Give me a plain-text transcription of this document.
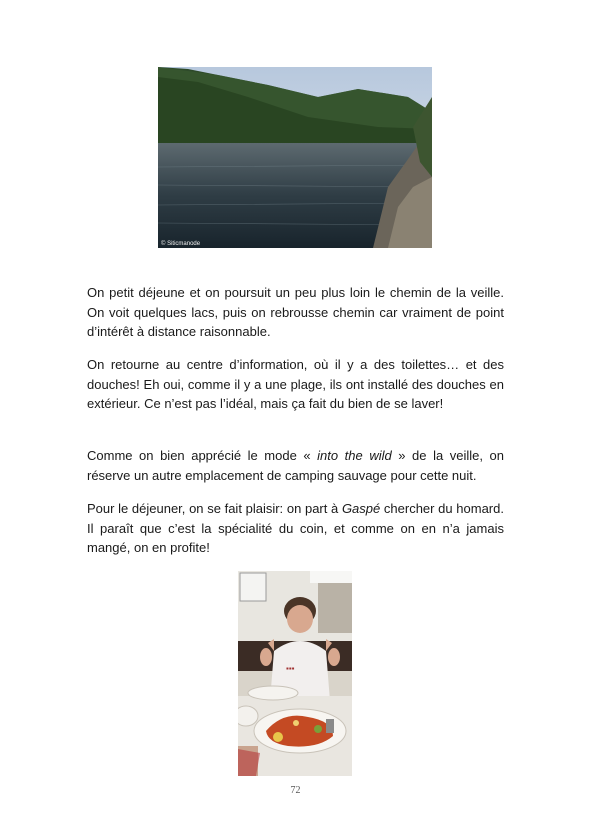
© Siticmanode

On petit déjeune et on poursuit un peu plus loin le chemin de la veille. On voit quelques lacs, puis on rebrousse chemin car vraiment de point d’intérêt à distance raisonnable.

On retourne au centre d’information, où il y a des toilettes… et des douches! Eh oui, comme il y a une plage, ils ont installé des douches en extérieur. Ce n’est pas l’idéal, mais ça fait du bien de se laver!

Comme on bien apprécié le mode « into the wild » de la veille, on réserve un autre emplacement de camping sauvage pour cette nuit.

Pour le déjeuner, on se fait plaisir: on part à Gaspé chercher du homard. Il paraît que c’est la spécialité du coin, et comme on en n’a jamais mangé, on en profite!

▪▪▪
72
